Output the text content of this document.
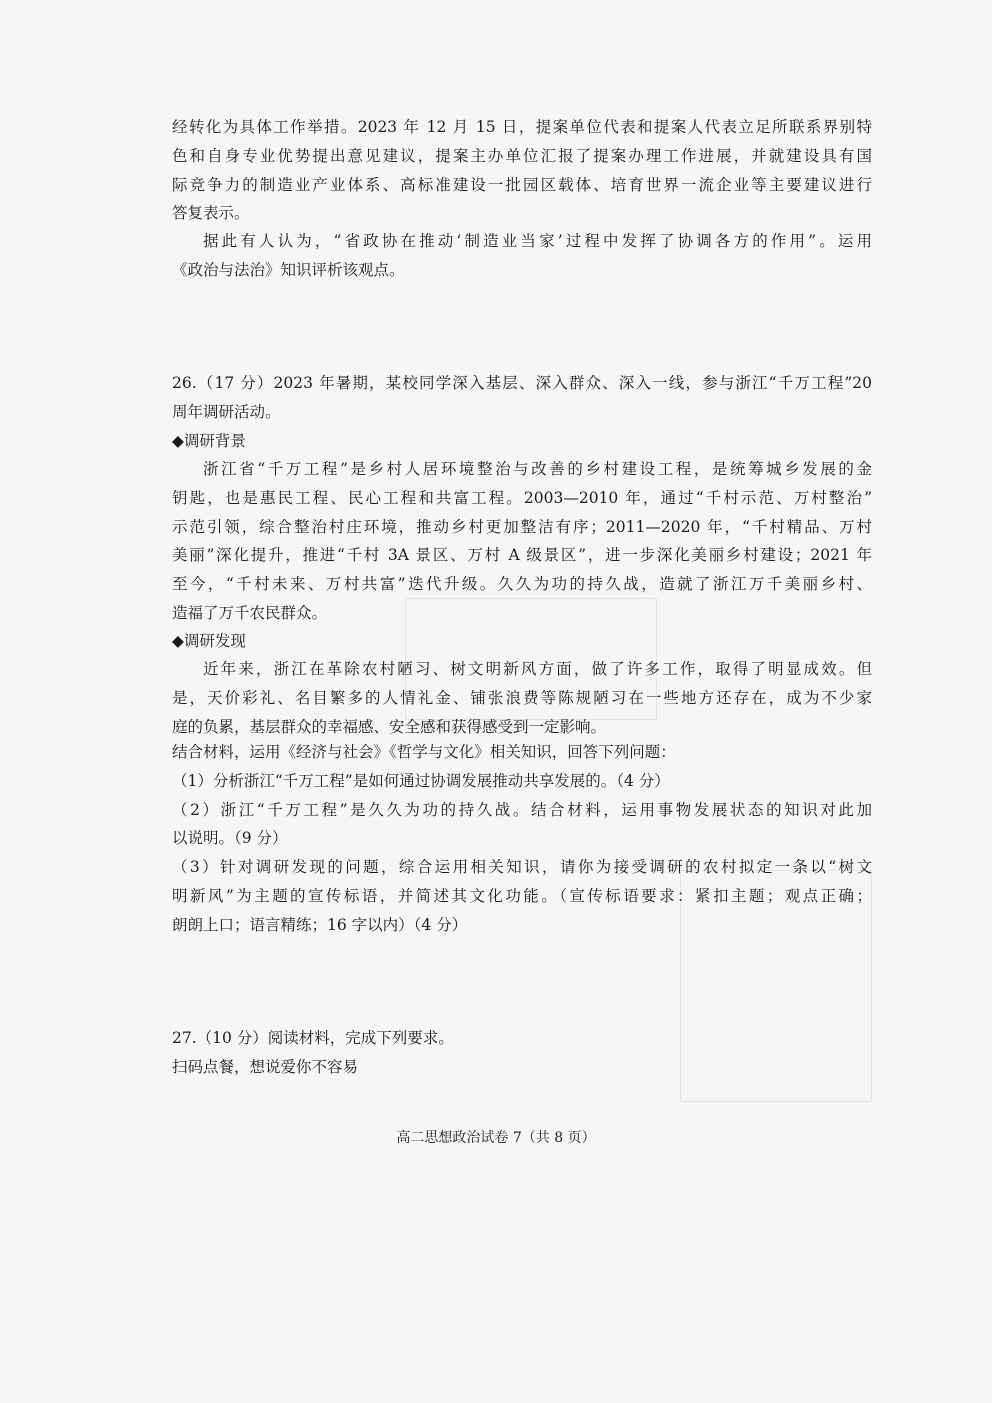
经转化为具体工作举措。2023 年 12 月 15 日，提案单位代表和提案人代表立足所联系界别特
色和自身专业优势提出意见建议，提案主办单位汇报了提案办理工作进展，并就建设具有国
际竞争力的制造业产业体系、高标准建设一批园区载体、培育世界一流企业等主要建议进行
答复表示。
据此有人认为，“省政协在推动‘制造业当家’过程中发挥了协调各方的作用”。运用
《政治与法治》知识评析该观点。
26.（17 分）2023 年暑期，某校同学深入基层、深入群众、深入一线，参与浙江“千万工程”20
周年调研活动。
◆调研背景
浙江省“千万工程”是乡村人居环境整治与改善的乡村建设工程，是统筹城乡发展的金
钥匙，也是惠民工程、民心工程和共富工程。2003—2010 年，通过“千村示范、万村整治”
示范引领，综合整治村庄环境，推动乡村更加整洁有序；2011—2020 年，“千村精品、万村
美丽”深化提升，推进“千村 3A 景区、万村 A 级景区”，进一步深化美丽乡村建设；2021 年
至今，“千村未来、万村共富”迭代升级。久久为功的持久战，造就了浙江万千美丽乡村、
造福了万千农民群众。
◆调研发现
近年来，浙江在革除农村陋习、树文明新风方面，做了许多工作，取得了明显成效。但
是，天价彩礼、名目繁多的人情礼金、铺张浪费等陈规陋习在一些地方还存在，成为不少家
庭的负累，基层群众的幸福感、安全感和获得感受到一定影响。
结合材料，运用《经济与社会》《哲学与文化》相关知识，回答下列问题：
（1）分析浙江“千万工程”是如何通过协调发展推动共享发展的。（4 分）
（2）浙江“千万工程”是久久为功的持久战。结合材料，运用事物发展状态的知识对此加
以说明。（9 分）
（3）针对调研发现的问题，综合运用相关知识，请你为接受调研的农村拟定一条以“树文
明新风”为主题的宣传标语，并简述其文化功能。（宣传标语要求：紧扣主题；观点正确；
朗朗上口；语言精练；16 字以内）（4 分）
27.（10 分）阅读材料，完成下列要求。
扫码点餐，想说爱你不容易
高二思想政治试卷 7（共 8 页）
